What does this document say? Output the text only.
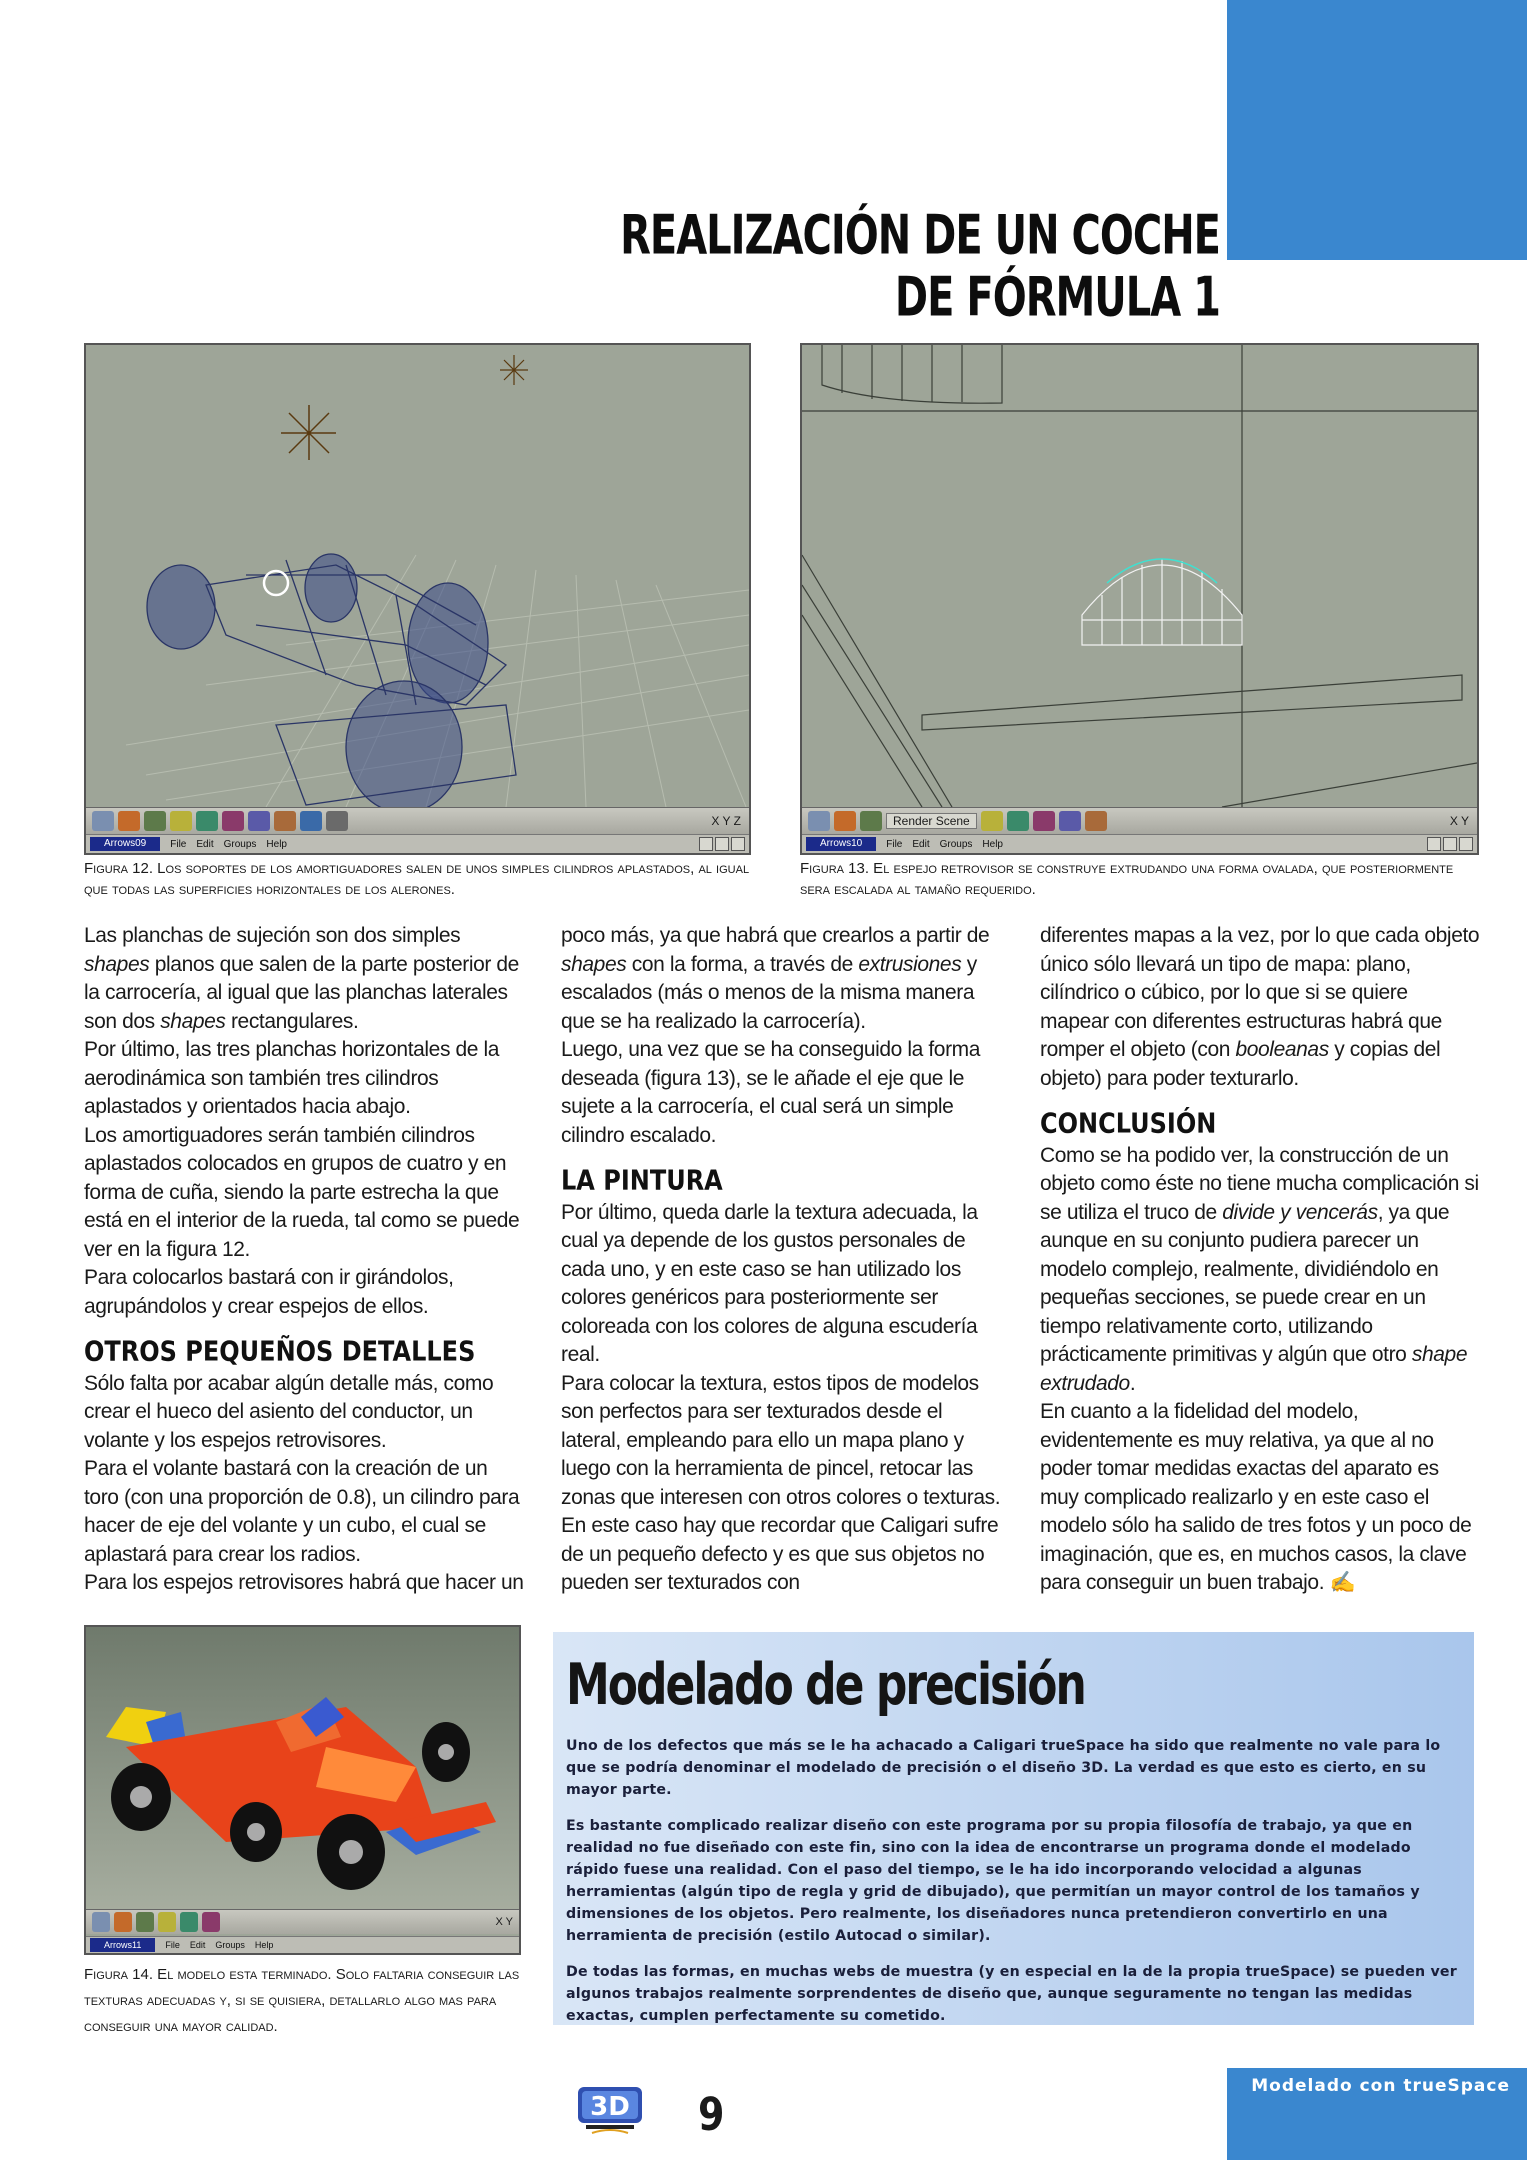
REALIZACIÓN DE UN COCHE DE FÓRMULA 1
X Y Z
Arrows09	File Edit Groups Help
Figura 12. Los soportes de los amortiguadores salen de unos simples cilindros aplastados, al igual que todas las superficies horizontales de los alerones.
Render Scene	X Y
Arrows10	File Edit Groups Help
Figura 13. El espejo retrovisor se construye extrudando una forma ovalada, que posteriormente sera escalada al tamaño requerido.

Las planchas de sujeción son dos simples shapes planos que salen de la parte posterior de la carrocería, al igual que las planchas laterales son dos shapes rectangulares.

Por último, las tres planchas horizontales de la aerodinámica son también tres cilindros aplastados y orientados hacia abajo.

Los amortiguadores serán también cilindros aplastados colocados en grupos de cuatro y en forma de cuña, siendo la parte estrecha la que está en el interior de la rueda, tal como se puede ver en la figura 12.

Para colocarlos bastará con ir girándolos, agrupándolos y crear espejos de ellos.

OTROS PEQUEÑOS DETALLES

Sólo falta por acabar algún detalle más, como crear el hueco del asiento del conductor, un volante y los espejos retrovisores.

Para el volante bastará con la creación de un toro (con una proporción de 0.8), un cilindro para hacer de eje del volante y un cubo, el cual se aplastará para crear los radios.

Para los espejos retrovisores habrá que hacer un

poco más, ya que habrá que crearlos a partir de shapes con la forma, a través de extrusiones y escalados (más o menos de la misma manera que se ha realizado la carrocería).

Luego, una vez que se ha conseguido la forma deseada (figura 13), se le añade el eje que le sujete a la carrocería, el cual será un simple cilindro escalado.

LA PINTURA

Por último, queda darle la textura adecuada, la cual ya depende de los gustos personales de cada uno, y en este caso se han utilizado los colores genéricos para posteriormente ser coloreada con los colores de alguna escudería real.

Para colocar la textura, estos tipos de modelos son perfectos para ser texturados desde el lateral, empleando para ello un mapa plano y luego con la herramienta de pincel, retocar las zonas que interesen con otros colores o texturas.

En este caso hay que recordar que Caligari sufre de un pequeño defecto y es que sus objetos no pueden ser texturados con

diferentes mapas a la vez, por lo que cada objeto único sólo llevará un tipo de mapa: plano, cilíndrico o cúbico, por lo que si se quiere mapear con diferentes estructuras habrá que romper el objeto (con booleanas y copias del objeto) para poder texturarlo.

CONCLUSIÓN

Como se ha podido ver, la construcción de un objeto como éste no tiene mucha complicación si se utiliza el truco de divide y vencerás, ya que aunque en su conjunto pudiera parecer un modelo complejo, realmente, dividiéndolo en pequeñas secciones, se puede crear en un tiempo relativamente corto, utilizando prácticamente primitivas y algún que otro shape extrudado.

En cuanto a la fidelidad del modelo, evidentemente es muy relativa, ya que al no poder tomar medidas exactas del aparato es muy complicado realizarlo y en este caso el modelo sólo ha salido de tres fotos y un poco de imaginación, que es, en muchos casos, la clave para conseguir un buen trabajo. ✍

X Y
Arrows11	File Edit Groups Help
Figura 14. El modelo esta terminado. Solo faltaria conseguir las texturas adecuadas y, si se quisiera, detallarlo algo mas para conseguir una mayor calidad.
Modelado de precisión

Uno de los defectos que más se le ha achacado a Caligari trueSpace ha sido que realmente no vale para lo que se podría denominar el modelado de precisión o el diseño 3D. La verdad es que esto es cierto, en su mayor parte.

Es bastante complicado realizar diseño con este programa por su propia filosofía de trabajo, ya que en realidad no fue diseñado con este fin, sino con la idea de encontrarse un programa donde el modelado rápido fuese una realidad. Con el paso del tiempo, se le ha ido incorporando velocidad a algunas herramientas (algún tipo de regla y grid de dibujado), que permitían un mayor control de los tamaños y dimensiones de los objetos. Pero realmente, los diseñadores nunca pretendieron convertirlo en una herramienta de precisión (estilo Autocad o similar).

De todas las formas, en muchas webs de muestra (y en especial en la de la propia trueSpace) se pueden ver algunos trabajos realmente sorprendentes de diseño que, aunque seguramente no tengan las medidas exactas, cumplen perfectamente su cometido.

3D 9
Modelado con trueSpace
